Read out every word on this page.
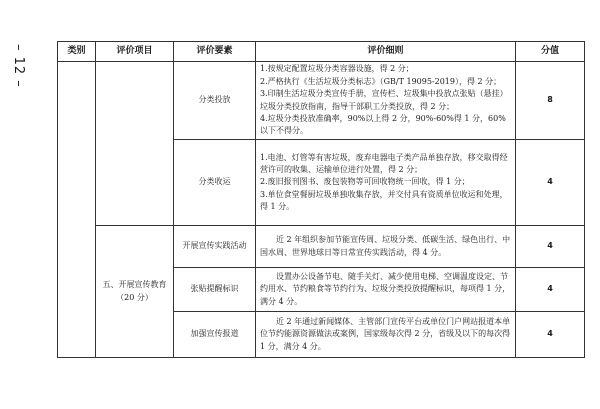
– 12 –	类别	评价项目	评价要素	评价细则	分值
		分类投放	1.按规定配置垃圾分类容器设施，得 2 分；
2.严格执行《生活垃圾分类标志》（GB/T 19095-2019），得 2 分；
3.印制生活垃圾分类宣传手册，宣传栏、垃圾集中投放点张贴（悬挂）垃圾分类投放指南，指导干部职工分类投放，得 2 分；
4.垃圾分类投放准确率，90%以上得 2 分，90%-60%得 1 分，60%以下不得分。	8
		分类收运	1.电池、灯管等有害垃圾，废弃电器电子类产品单独存放，移交取得经营许可的收集、运输单位进行处置，得 2 分；
2.废旧报刊图书、废包装物等可回收物统一回收，得 1 分；
3.单位食堂餐厨垃圾单独收集存放，并交付具有资质单位收运和处理，得 1 分。	4
	五、开展宣传教育（20 分）	开展宣传实践活动	近 2 年组织参加节能宣传周、垃圾分类、低碳生活、绿色出行、中国水周、世界地球日等日常宣传实践活动，得 4 分。	4
		张贴提醒标识	设置办公设备节电、随手关灯、减少使用电梯、空调温度设定、节约用水、节约粮食等节约行为、垃圾分类投放提醒标识，每项得 1 分，满分 4 分。	4
		加强宣传报道	近 2 年通过新闻媒体、主管部门宣传平台或单位门户网站报道本单位节约能源资源做法或案例，国家级每次得 2 分，省级及以下的每次得 1 分，满分 4 分。	4
